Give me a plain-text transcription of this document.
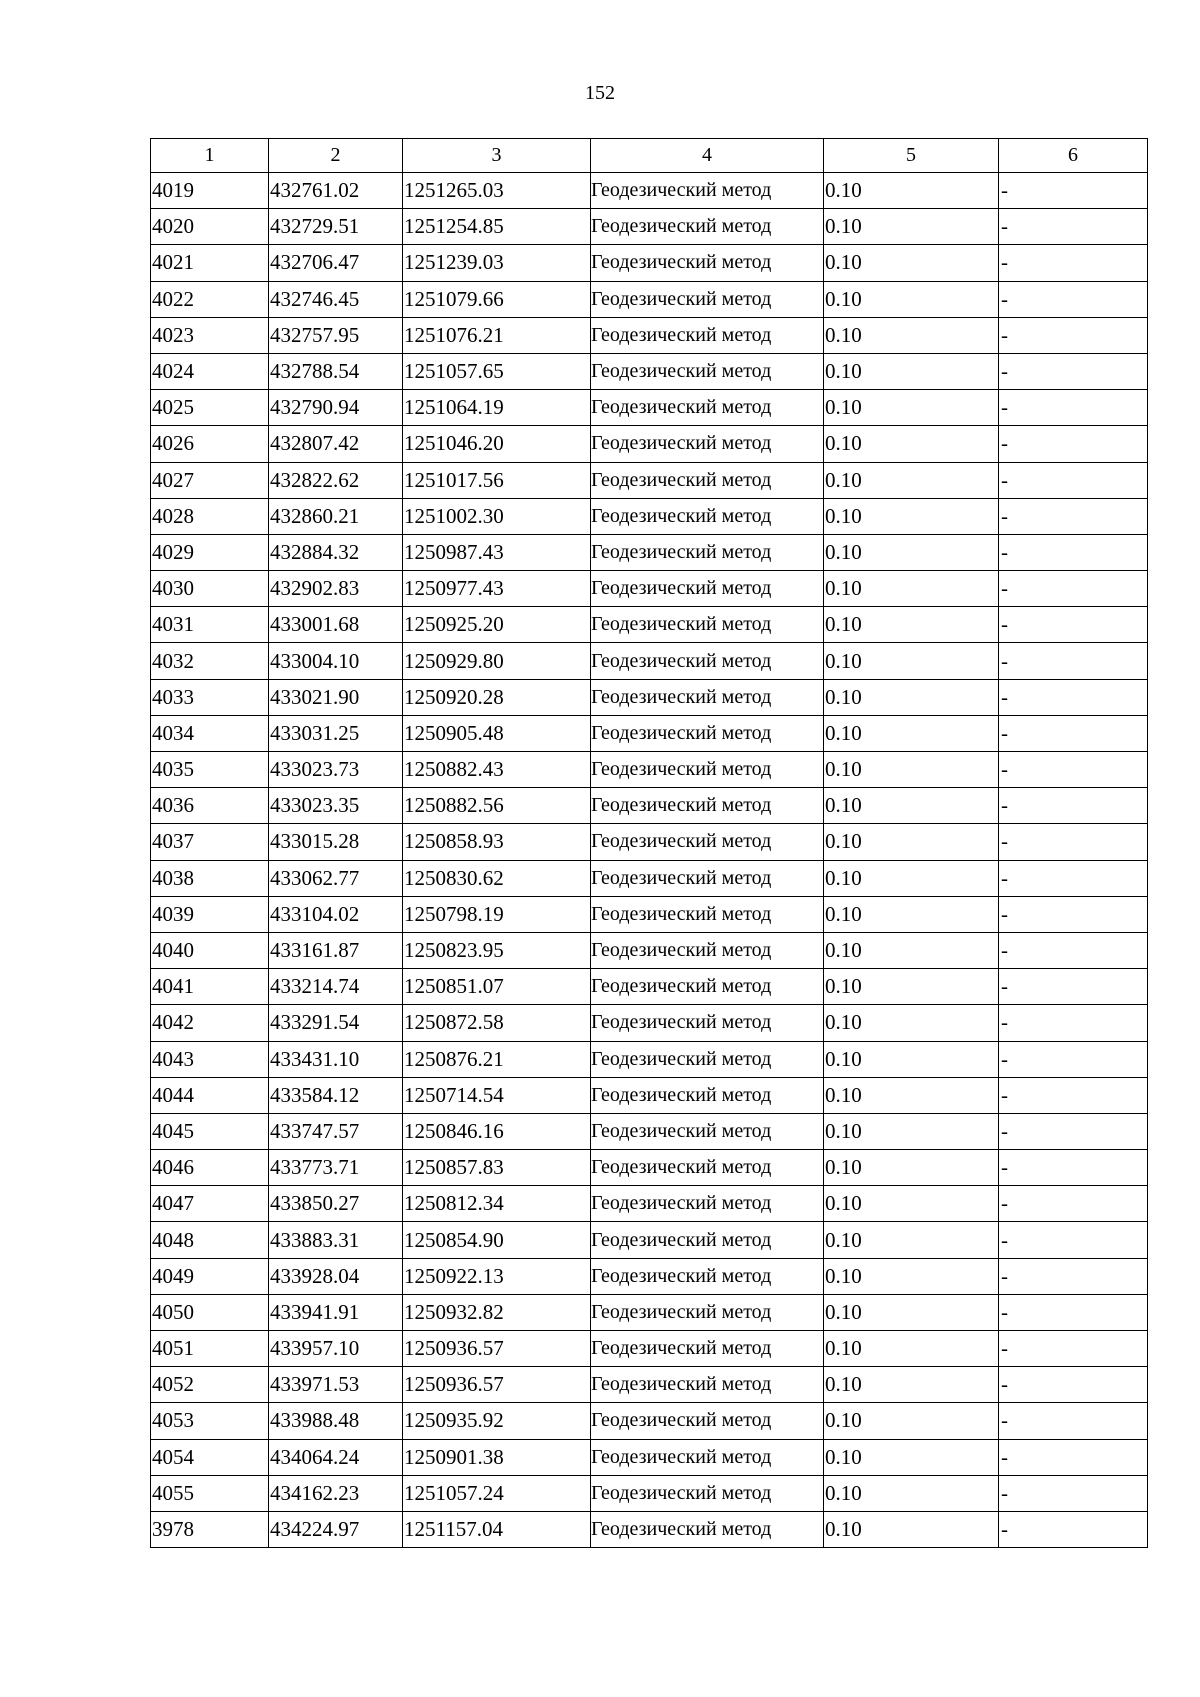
152
1	2	3	4	5	6
4019	432761.02	1251265.03	Геодезический метод	0.10	-
4020	432729.51	1251254.85	Геодезический метод	0.10	-
4021	432706.47	1251239.03	Геодезический метод	0.10	-
4022	432746.45	1251079.66	Геодезический метод	0.10	-
4023	432757.95	1251076.21	Геодезический метод	0.10	-
4024	432788.54	1251057.65	Геодезический метод	0.10	-
4025	432790.94	1251064.19	Геодезический метод	0.10	-
4026	432807.42	1251046.20	Геодезический метод	0.10	-
4027	432822.62	1251017.56	Геодезический метод	0.10	-
4028	432860.21	1251002.30	Геодезический метод	0.10	-
4029	432884.32	1250987.43	Геодезический метод	0.10	-
4030	432902.83	1250977.43	Геодезический метод	0.10	-
4031	433001.68	1250925.20	Геодезический метод	0.10	-
4032	433004.10	1250929.80	Геодезический метод	0.10	-
4033	433021.90	1250920.28	Геодезический метод	0.10	-
4034	433031.25	1250905.48	Геодезический метод	0.10	-
4035	433023.73	1250882.43	Геодезический метод	0.10	-
4036	433023.35	1250882.56	Геодезический метод	0.10	-
4037	433015.28	1250858.93	Геодезический метод	0.10	-
4038	433062.77	1250830.62	Геодезический метод	0.10	-
4039	433104.02	1250798.19	Геодезический метод	0.10	-
4040	433161.87	1250823.95	Геодезический метод	0.10	-
4041	433214.74	1250851.07	Геодезический метод	0.10	-
4042	433291.54	1250872.58	Геодезический метод	0.10	-
4043	433431.10	1250876.21	Геодезический метод	0.10	-
4044	433584.12	1250714.54	Геодезический метод	0.10	-
4045	433747.57	1250846.16	Геодезический метод	0.10	-
4046	433773.71	1250857.83	Геодезический метод	0.10	-
4047	433850.27	1250812.34	Геодезический метод	0.10	-
4048	433883.31	1250854.90	Геодезический метод	0.10	-
4049	433928.04	1250922.13	Геодезический метод	0.10	-
4050	433941.91	1250932.82	Геодезический метод	0.10	-
4051	433957.10	1250936.57	Геодезический метод	0.10	-
4052	433971.53	1250936.57	Геодезический метод	0.10	-
4053	433988.48	1250935.92	Геодезический метод	0.10	-
4054	434064.24	1250901.38	Геодезический метод	0.10	-
4055	434162.23	1251057.24	Геодезический метод	0.10	-
3978	434224.97	1251157.04	Геодезический метод	0.10	-
